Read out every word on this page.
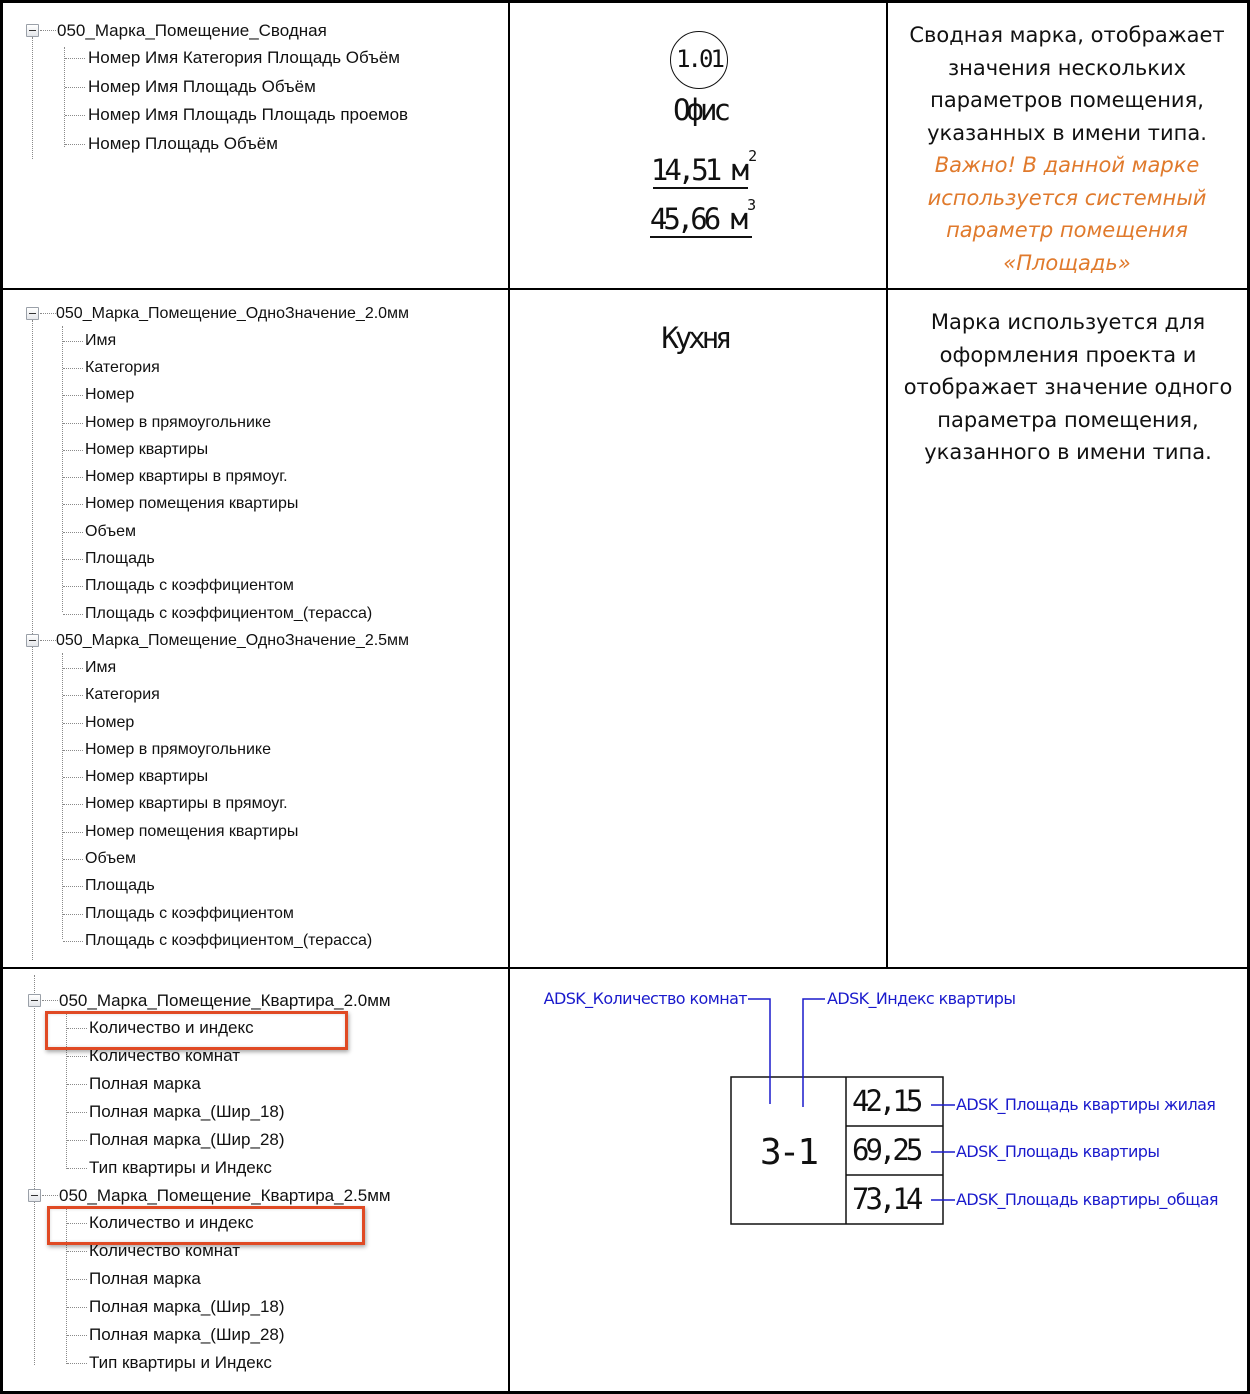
050_Марка_Помещение_Сводная
Номер Имя Категория Площадь Объём
Номер Имя Площадь Объём
Номер Имя Площадь Площадь проемов
Номер Площадь Объём
1.01
Офис
14,51 м 2
45,66 м 3
Сводная марка, отображает значения нескольких параметров помещения, указанных в имени типа.
Важно! В данной марке используется системный параметр помещения «Площадь»
050_Марка_Помещение_ОдноЗначение_2.0мм
Имя
Категория
Номер
Номер в прямоугольнике
Номер квартиры
Номер квартиры в прямоуг.
Номер помещения квартиры
Объем
Площадь
Площадь с коэффициентом
Площадь с коэффициентом_(терасса)
050_Марка_Помещение_ОдноЗначение_2.5мм
Имя
Категория
Номер
Номер в прямоугольнике
Номер квартиры
Номер квартиры в прямоуг.
Номер помещения квартиры
Объем
Площадь
Площадь с коэффициентом
Площадь с коэффициентом_(терасса)
Кухня	Марка используется для оформления проекта и отображает значение одного параметра помещения, указанного в имени типа.
050_Марка_Помещение_Квартира_2.0мм
Количество и индекс
Количество комнат
Полная марка
Полная марка_(Шир_18)
Полная марка_(Шир_28)
Тип квартиры и Индекс
050_Марка_Помещение_Квартира_2.5мм
Количество и индекс
Количество комнат
Полная марка
Полная марка_(Шир_18)
Полная марка_(Шир_28)
Тип квартиры и Индекс
3-1
42,15
69,25
73,14
ADSK_Количество комнат	ADSK_Индекс квартиры
ADSK_Площадь квартиры жилая
ADSK_Площадь квартиры
ADSK_Площадь квартиры_общая
